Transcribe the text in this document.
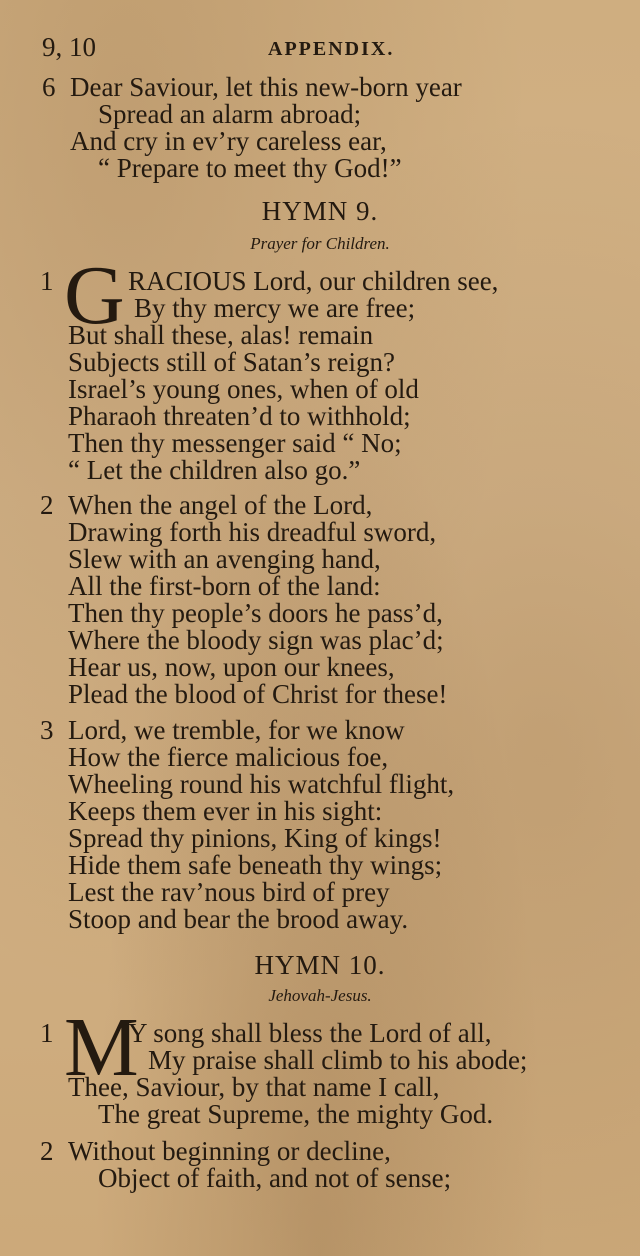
9, 10	APPENDIX.
6 Dear Saviour, let this new-born year
Spread an alarm abroad;
And cry in ev’ry careless ear,
“ Prepare to meet thy God!”
HYMN 9.
Prayer for Children.
1 G RACIOUS Lord, our children see,
By thy mercy we are free;
But shall these, alas! remain
Subjects still of Satan’s reign?
Israel’s young ones, when of old
Pharaoh threaten’d to withhold;
Then thy messenger said “ No;
“ Let the children also go.”
2 When the angel of the Lord,
Drawing forth his dreadful sword,
Slew with an avenging hand,
All the first-born of the land:
Then thy people’s doors he pass’d,
Where the bloody sign was plac’d;
Hear us, now, upon our knees,
Plead the blood of Christ for these!
3 Lord, we tremble, for we know
How the fierce malicious foe,
Wheeling round his watchful flight,
Keeps them ever in his sight:
Spread thy pinions, King of kings!
Hide them safe beneath thy wings;
Lest the rav’nous bird of prey
Stoop and bear the brood away.
HYMN 10.
Jehovah-Jesus.
1 M
Y song shall bless the Lord of all,
My praise shall climb to his abode;
Thee, Saviour, by that name I call,
The great Supreme, the mighty God.
2 Without beginning or decline,
Object of faith, and not of sense;
